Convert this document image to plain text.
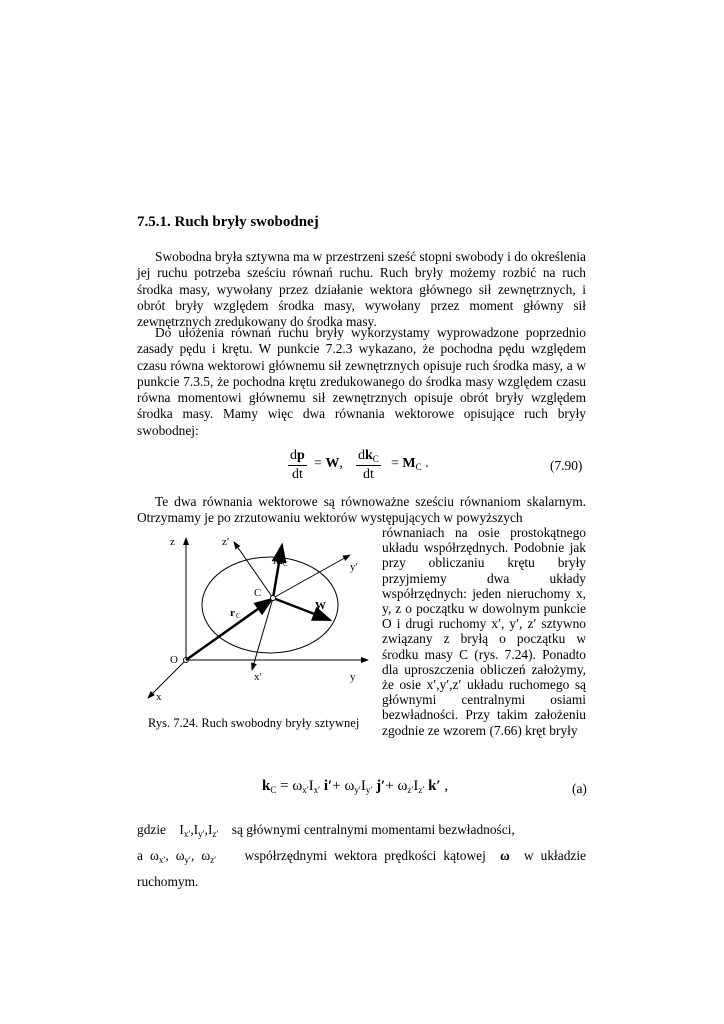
7.5.1. Ruch bryły swobodnej

Swobodna bryła sztywna ma w przestrzeni sześć stopni swobody i do określenia jej ruchu potrzeba sześciu równań ruchu. Ruch bryły możemy rozbić na ruch środka masy, wywołany przez działanie wektora głównego sił zewnętrznych, i obrót bryły względem środka masy, wywołany przez moment główny sił zewnętrznych zredukowany do środka masy.

Do ułożenia równań ruchu bryły wykorzystamy wyprowadzone poprzednio zasady pędu i krętu. W punkcie 7.2.3 wykazano, że pochodna pędu względem czasu równa wektorowi głównemu sił zewnętrznych opisuje ruch środka masy, a w punkcie 7.3.5, że pochodna krętu zredukowanego do środka masy względem czasu równa momentowi głównemu sił zewnętrznych opisuje obrót bryły względem środka masy. Mamy więc dwa równania wektorowe opisujące ruch bryły swobodnej:

dp
dt
= W,
$dk_C$
dt
= $M_C$ .	(7.90)

Te dwa równania wektorowe są równoważne sześciu równaniom skalarnym. Otrzymamy je po zrzutowaniu wektorów występujących w powyższych

równaniach na osie prostokątnego układu współrzędnych. Podobnie jak przy obliczaniu krętu bryły przyjmiemy dwa układy współrzędnych: jeden nieruchomy x, y, z o początku w dowolnym punkcie O i drugi ruchomy x′, y′, z′ sztywno związany z bryłą o początku w środku masy C (rys. 7.24). Ponadto dla uproszczenia obliczeń założymy, że osie x′,y′,z′ układu ruchomego są głównymi centralnymi osiami bezwładności. Przy takim założeniu zgodnie ze wzorem (7.66) kręt bryły

z	z′
y′
x′
x
y
O
C
W
M C
r C
Rys. 7.24. Ruch swobodny bryły sztywnej
$k_C = \omega_{x'}I_{x'}$ $i'+ \omega_{y'}I_{y'}$ $j'+ \omega_{z'}I_{z'}$ k′ ,	(a)

gdzie    $I_{x'},I_{y'},I_{z'}$ są głównymi centralnymi momentami bezwładności,
a $\omega_{x'}$, $\omega_{y'}$, $\omega_{z'}$ współrzędnymi wektora prędkości kątowej ω w układzie ruchomym.
